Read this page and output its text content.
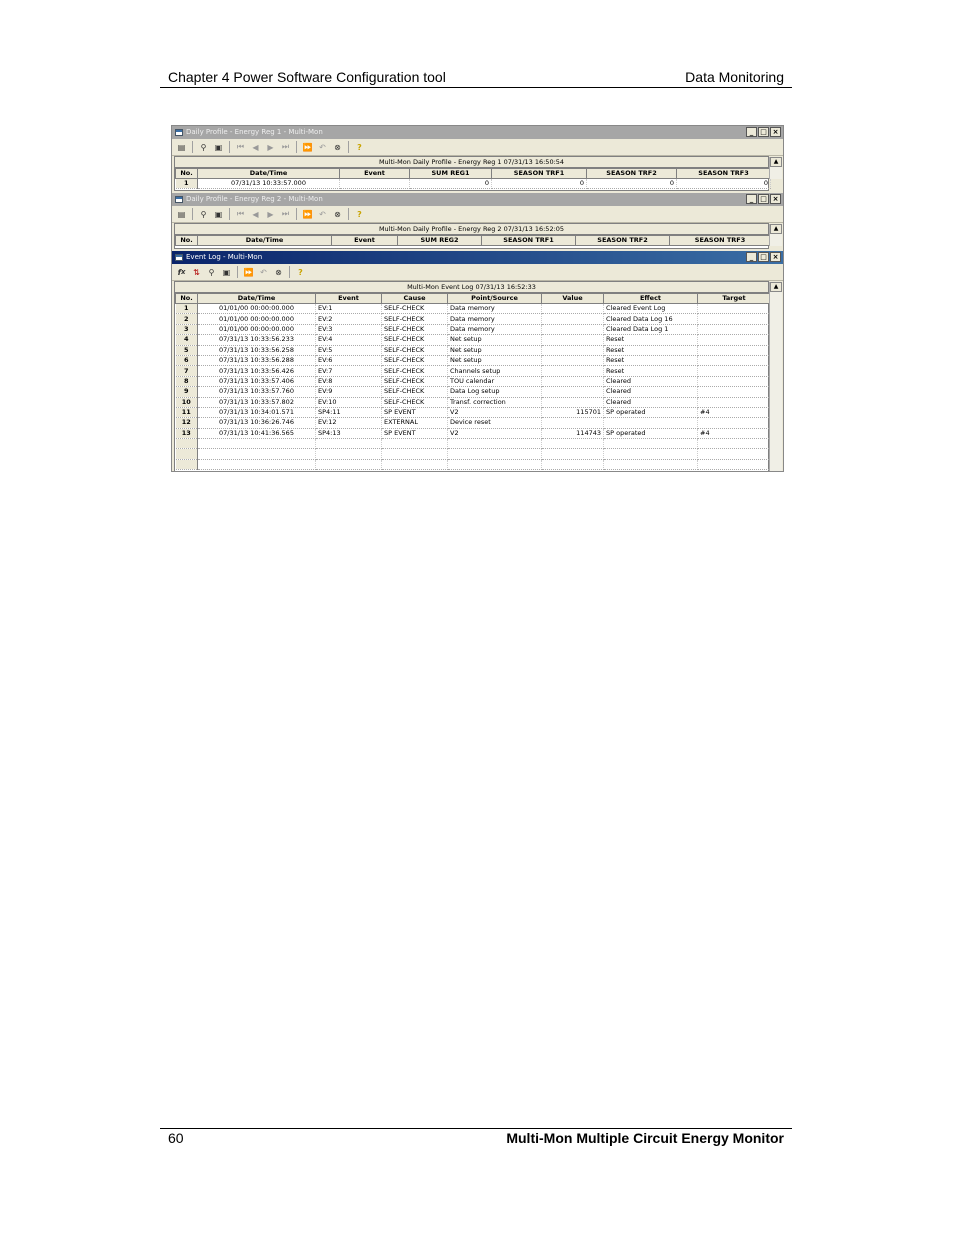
Chapter 4 Power Software Configuration tool	Data Monitoring
Daily Profile - Energy Reg 1 - Multi-Mon	_ □ ×
▤	⚲	▣	⏮	◀	▶	⏭	⏩ ↶	⊗	?
Multi-Mon Daily Profile - Energy Reg 1 07/31/13 16:50:54
No.	Date/Time	Event	SUM REG1	SEASON TRF1	SEASON TRF2	SEASON TRF3
1	07/31/13 10:33:57.000		0	0	0	0
▲
Daily Profile - Energy Reg 2 - Multi-Mon	_ □ ×
▤	⚲	▣	⏮	◀	▶	⏭	⏩ ↶	⊗	?
Multi-Mon Daily Profile - Energy Reg 2 07/31/13 16:52:05
No.	Date/Time	Event	SUM REG2	SEASON TRF1	SEASON TRF2	SEASON TRF3
▲
Event Log - Multi-Mon	_ □ ×
f x ⇅	⚲	▣	⏩ ↶	⊗	?
Multi-Mon Event Log 07/31/13 16:52:33
No.	Date/Time	Event	Cause	Point/Source	Value	Effect	Target
1	01/01/00 00:00:00.000	EV:1	SELF-CHECK	Data memory		Cleared Event Log	
2	01/01/00 00:00:00.000	EV:2	SELF-CHECK	Data memory		Cleared Data Log 16	
3	01/01/00 00:00:00.000	EV:3	SELF-CHECK	Data memory		Cleared Data Log 1	
4	07/31/13 10:33:56.233	EV:4	SELF-CHECK	Net setup		Reset	
5	07/31/13 10:33:56.258	EV:5	SELF-CHECK	Net setup		Reset	
6	07/31/13 10:33:56.288	EV:6	SELF-CHECK	Net setup		Reset	
7	07/31/13 10:33:56.426	EV:7	SELF-CHECK	Channels setup		Reset	
8	07/31/13 10:33:57.406	EV:8	SELF-CHECK	TOU calendar		Cleared	
9	07/31/13 10:33:57.760	EV:9	SELF-CHECK	Data Log setup		Cleared	
10	07/31/13 10:33:57.802	EV:10	SELF-CHECK	Transf. correction		Cleared	
11	07/31/13 10:34:01.571	SP4:11	SP EVENT	V2	115701	SP operated	#4
12	07/31/13 10:36:26.746	EV:12	EXTERNAL	Device reset			
13	07/31/13 10:41:36.565	SP4:13	SP EVENT	V2	114743	SP operated	#4

▲
60	Multi-Mon Multiple Circuit Energy Monitor
